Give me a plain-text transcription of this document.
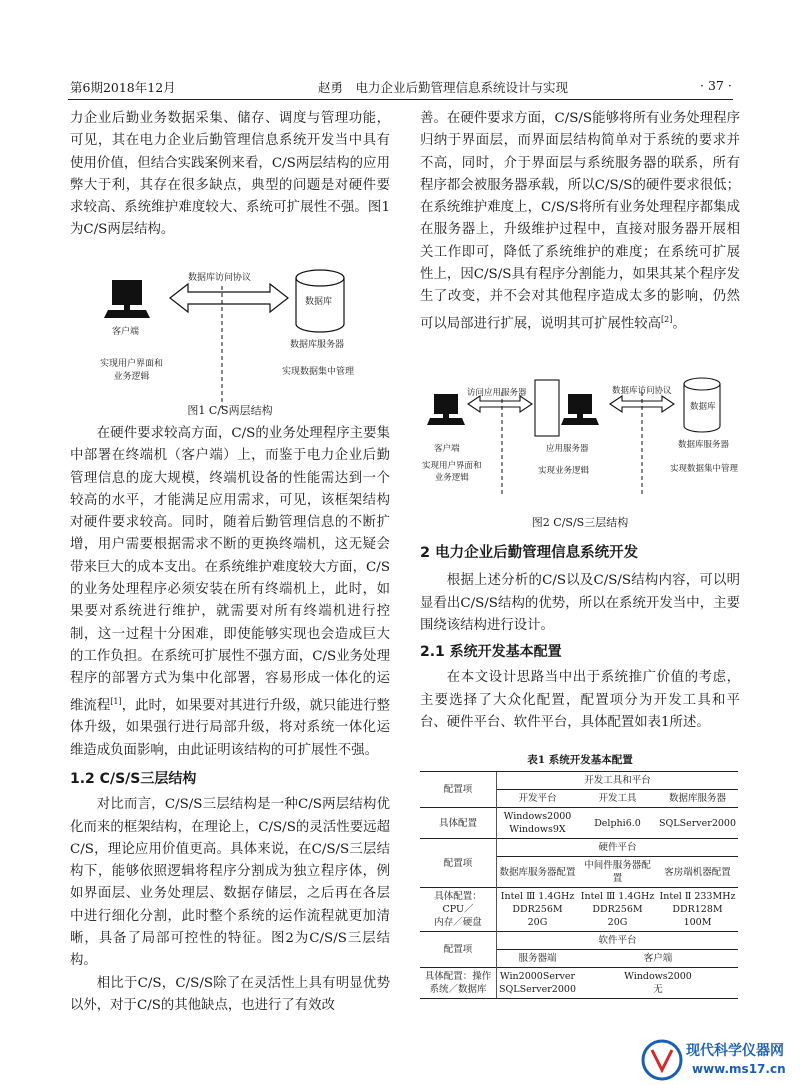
第6期2018年12月	赵勇　电力企业后勤管理信息系统设计与实现	· 37 ·

力企业后勤业务数据采集、储存、调度与管理功能，可见，其在电力企业后勤管理信息系统开发当中具有使用价值，但结合实践案例来看，C/S两层结构的应用弊大于利，其存在很多缺点，典型的问题是对硬件要求较高、系统维护难度较大、系统可扩展性不强。图1为C/S两层结构。

数据库访问协议
数据库
客户端
数据库服务器
实现用户界面和
业务逻辑	实现数据集中管理
图1 C/S两层结构

在硬件要求较高方面，C/S的业务处理程序主要集中部署在终端机（客户端）上，而鉴于电力企业后勤管理信息的庞大规模，终端机设备的性能需达到一个较高的水平，才能满足应用需求，可见，该框架结构对硬件要求较高。同时，随着后勤管理信息的不断扩增，用户需要根据需求不断的更换终端机，这无疑会带来巨大的成本支出。在系统维护难度较大方面，C/S的业务处理程序必须安装在所有终端机上，此时，如果要对系统进行维护，就需要对所有终端机进行控制，这一过程十分困难，即使能够实现也会造成巨大的工作负担。在系统可扩展性不强方面，C/S业务处理程序的部署方式为集中化部署，容易形成一体化的运维流程[1]，此时，如果要对其进行升级，就只能进行整体升级，如果强行进行局部升级，将对系统一体化运维造成负面影响，由此证明该结构的可扩展性不强。

1.2 C/S/S三层结构

对比而言，C/S/S三层结构是一种C/S两层结构优化而来的框架结构，在理论上，C/S/S的灵活性要远超C/S，理论应用价值更高。具体来说，在C/S/S三层结构下，能够依照逻辑将程序分割成为独立程序体，例如界面层、业务处理层、数据存储层，之后再在各层中进行细化分割，此时整个系统的运作流程就更加清晰，具备了局部可控性的特征。图2为C/S/S三层结构。

相比于C/S，C/S/S除了在灵活性上具有明显优势以外，对于C/S的其他缺点，也进行了有效改

善。在硬件要求方面，C/S/S能够将所有业务处理程序归纳于界面层，而界面层结构简单对于系统的要求并不高，同时，介于界面层与系统服务器的联系，所有程序都会被服务器承载，所以C/S/S的硬件要求很低；在系统维护难度上，C/S/S将所有业务处理程序都集成在服务器上，升级维护过程中，直接对服务器开展相关工作即可，降低了系统维护的难度；在系统可扩展性上，因C/S/S具有程序分割能力，如果其某个程序发生了改变，并不会对其他程序造成太多的影响，仍然可以局部进行扩展，说明其可扩展性较高[2]。

访问应用服务器	数据库访问协议
数据库
客户端	应用服务器	数据库服务器
实现用户界面和
业务逻辑
实现业务逻辑	实现数据集中管理
图2 C/S/S三层结构

2 电力企业后勤管理信息系统开发

根据上述分析的C/S以及C/S/S结构内容，可以明显看出C/S/S结构的优势，所以在系统开发当中，主要围绕该结构进行设计。

2.1 系统开发基本配置

在本文设计思路当中出于系统推广价值的考虑，主要选择了大众化配置，配置项分为开发工具和平台、硬件平台、软件平台，具体配置如表1所述。

表1 系统开发基本配置
配置项	开发工具和平台		
	开发平台	开发工具	数据库服务器
具体配置	Windows2000
Windows9X	Delphi6.0	SQLServer2000
配置项	硬件平台		
	数据库服务器配置	中间件服务器配置	客房端机器配置
具体配置：
CPU／
内存／硬盘	Intel Ⅲ 1.4GHz
DDR256M
20G	Intel Ⅲ 1.4GHz
DDR256M
20G	Intel Ⅱ 233MHz
DDR128M
100M
配置项	软件平台		
	服务器端	客户端	
具体配置：操作
系统／数据库	Win2000Server
SQLServer2000	Windows2000
无	
现代科学仪器网
www.ms17.cn
